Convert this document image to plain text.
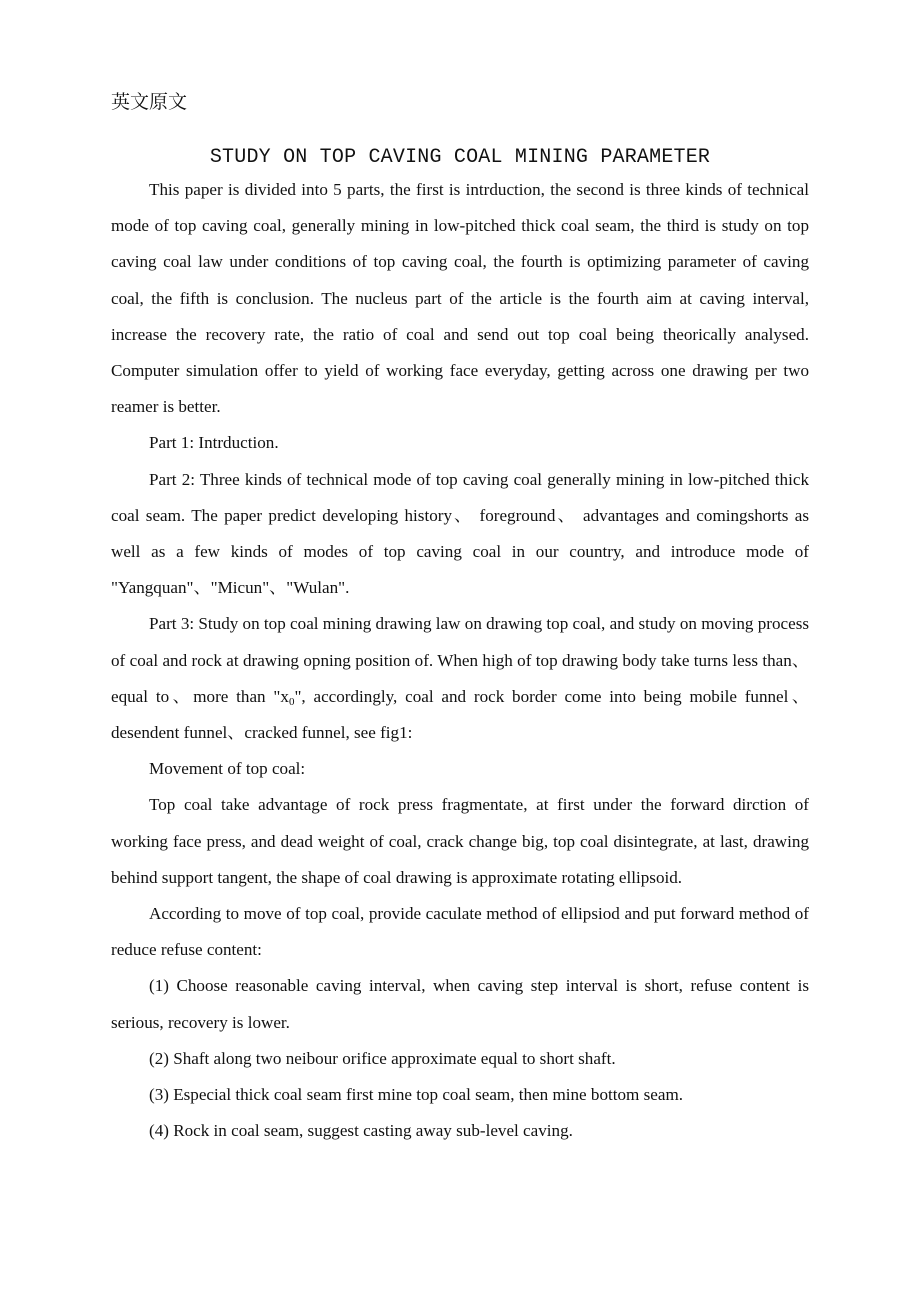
英文原文
STUDY ON TOP CAVING COAL MINING PARAMETER

This paper is divided into 5 parts, the first is intrduction, the second is three kinds of technical mode of top caving coal, generally mining in low-pitched thick coal seam, the third is study on top caving coal law under conditions of top caving coal, the fourth is optimizing parameter of caving coal, the fifth is conclusion. The nucleus part of the article is the fourth aim at caving interval, increase the recovery rate, the ratio of coal and send out top coal being theorically analysed. Computer simulation offer to yield of working face everyday, getting across one drawing per two reamer is better.

Part 1: Intrduction.

Part 2: Three kinds of technical mode of top caving coal generally mining in low-pitched thick coal seam. The paper predict developing history、 foreground、 advantages and comingshorts as well as a few kinds of modes of top caving coal in our country, and introduce mode of "Yangquan"、"Micun"、"Wulan".

Part 3: Study on top coal mining drawing law on drawing top coal, and study on moving process of coal and rock at drawing opning position of. When high of top drawing body take turns less than、equal to、more than "$x_0$", accordingly, coal and rock border come into being mobile funnel、desendent funnel、cracked funnel, see fig1:

Movement of top coal:

Top coal take advantage of rock press fragmentate, at first under the forward dirction of working face press, and dead weight of coal, crack change big, top coal disintegrate, at last, drawing behind support tangent, the shape of coal drawing is approximate rotating ellipsoid.

According to move of top coal, provide caculate method of ellipsiod and put forward method of reduce refuse content:

(1) Choose reasonable caving interval, when caving step interval is short, refuse content is serious, recovery is lower.

(2) Shaft along two neibour orifice approximate equal to short shaft.

(3) Especial thick coal seam first mine top coal seam, then mine bottom seam.

(4) Rock in coal seam, suggest casting away sub-level caving.
